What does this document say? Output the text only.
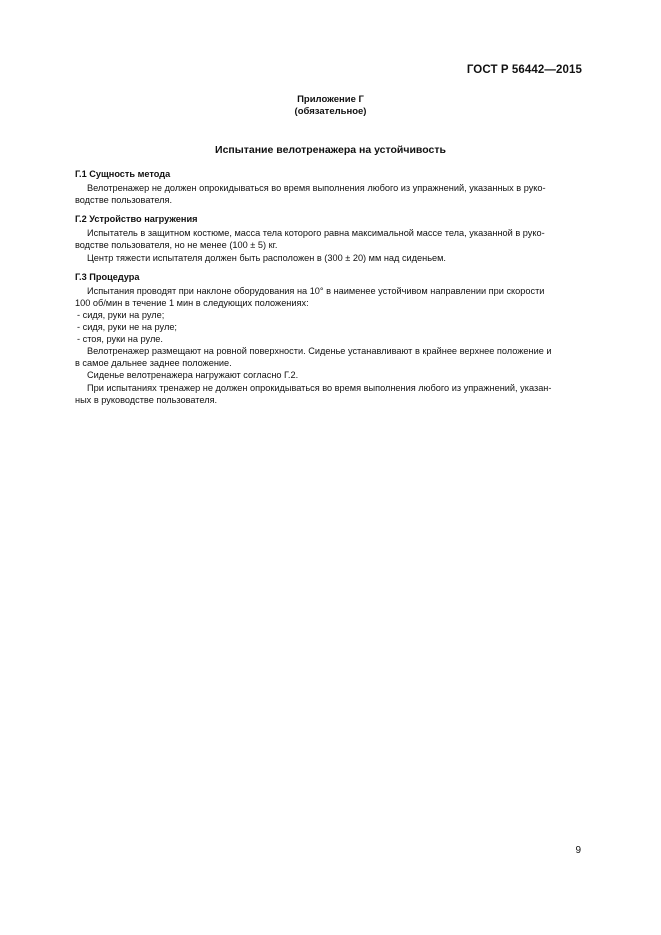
ГОСТ Р 56442—2015
Приложение Г
(обязательное)
Испытание велотренажера на устойчивость
Г.1 Сущность метода
Велотренажер не должен опрокидываться во время выполнения любого из упражнений, указанных в руко-
водстве пользователя.
Г.2 Устройство нагружения
Испытатель в защитном костюме, масса тела которого равна максимальной массе тела, указанной в руко-
водстве пользователя, но не менее (100 ± 5) кг.
Центр тяжести испытателя должен быть расположен в (300 ± 20) мм над сиденьем.
Г.3 Процедура
Испытания проводят при наклоне оборудования на 10° в наименее устойчивом направлении при скорости
100 об/мин в течение 1 мин в следующих положениях:
- сидя, руки на руле;
- сидя, руки не на руле;
- стоя, руки на руле.
Велотренажер размещают на ровной поверхности. Сиденье устанавливают в крайнее верхнее положение и
в самое дальнее заднее положение.
Сиденье велотренажера нагружают согласно Г.2.
При испытаниях тренажер не должен опрокидываться во время выполнения любого из упражнений, указан-
ных в руководстве пользователя.
9
